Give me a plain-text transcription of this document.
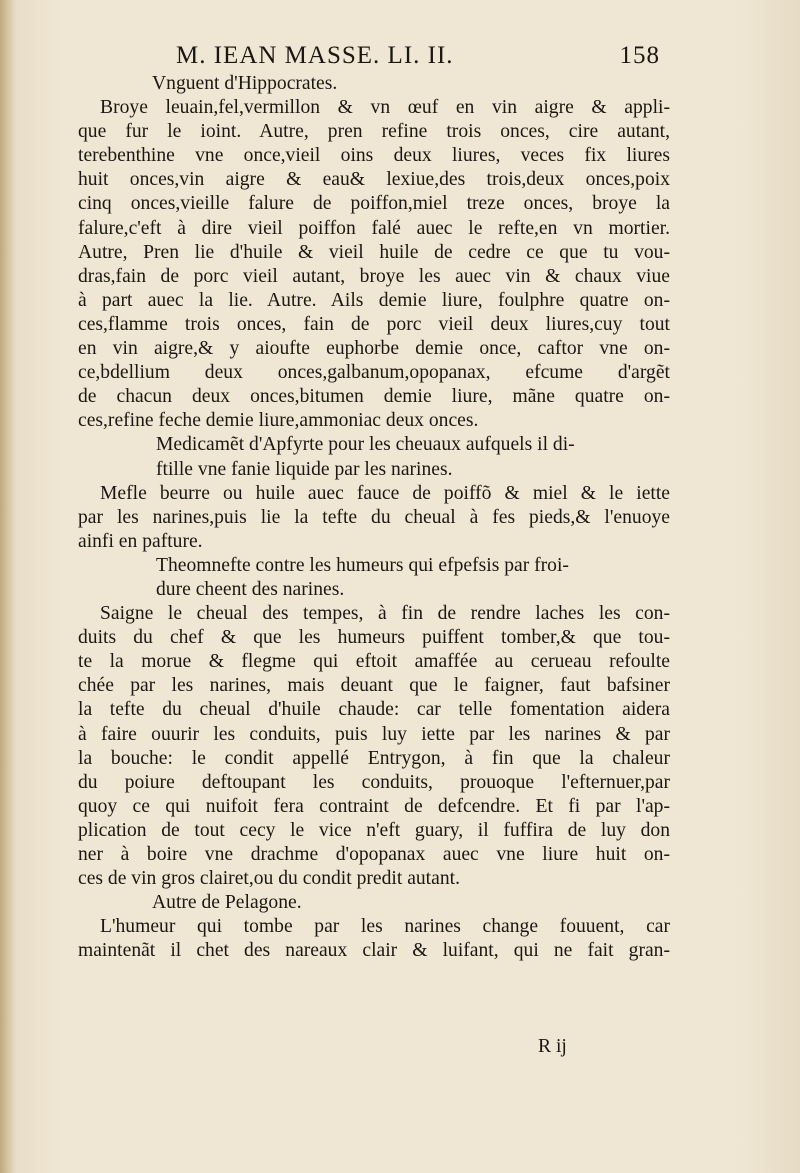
M. IEAN MASSE. LI. II.	158
Vnguent d'Hippocrates.
Broye leuain,fel,vermillon & vn œuf en vin aigre & appli-
que fur le ioint. Autre, pren refine trois onces, cire autant,
terebenthine vne once,vieil oins deux liures, veces fix liures
huit onces,vin aigre & eau& lexiue,des trois,deux onces,poix
cinq onces,vieille falure de poiffon,miel treze onces, broye la
falure,c'eft à dire vieil poiffon falé auec le refte,en vn mortier.
Autre, Pren lie d'huile & vieil huile de cedre ce que tu vou-
dras,fain de porc vieil autant, broye les auec vin & chaux viue
à part auec la lie. Autre. Ails demie liure, foulphre quatre on-
ces,flamme trois onces, fain de porc vieil deux liures,cuy tout
en vin aigre,& y aioufte euphorbe demie once, caftor vne on-
ce,bdellium deux onces,galbanum,opopanax, efcume d'argẽt
de chacun deux onces,bitumen demie liure, mãne quatre on-
ces,refine feche demie liure,ammoniac deux onces.
Medicamẽt d'Apfyrte pour les cheuaux aufquels il di-
ftille vne fanie liquide par les narines.
Mefle beurre ou huile auec fauce de poiffõ & miel & le iette
par les narines,puis lie la tefte du cheual à fes pieds,& l'enuoye
ainfi en pafture.
Theomnefte contre les humeurs qui efpefsis par froi-
dure cheent des narines.
Saigne le cheual des tempes, à fin de rendre laches les con-
duits du chef & que les humeurs puiffent tomber,& que tou-
te la morue & flegme qui eftoit amaffée au cerueau refoulte
chée par les narines, mais deuant que le faigner, faut bafsiner
la tefte du cheual d'huile chaude: car telle fomentation aidera
à faire ouurir les conduits, puis luy iette par les narines & par
la bouche: le condit appellé Entrygon, à fin que la chaleur
du poiure deftoupant les conduits, prouoque l'efternuer,par
quoy ce qui nuifoit fera contraint de defcendre. Et fi par l'ap-
plication de tout cecy le vice n'eft guary, il fuffira de luy don
ner à boire vne drachme d'opopanax auec vne liure huit on-
ces de vin gros clairet,ou du condit predit autant.
Autre de Pelagone.
L'humeur qui tombe par les narines change fouuent, car
maintenãt il chet des nareaux clair & luifant, qui ne fait gran-
R ij
